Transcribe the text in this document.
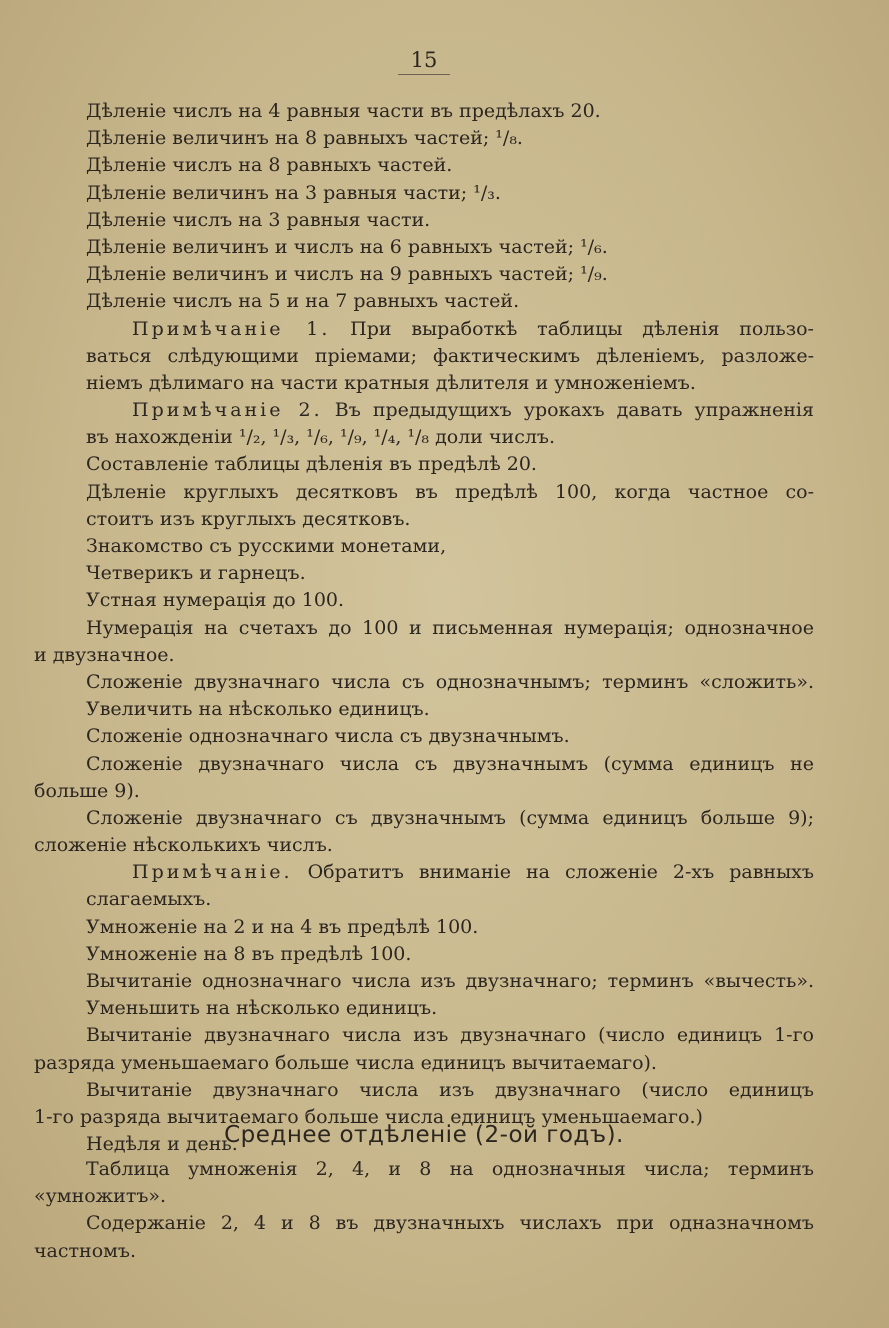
15
Дѣленіе числъ на 4 равныя части въ предѣлахъ 20.
Дѣленіе величинъ на 8 равныхъ частей; ¹/₈.
Дѣленіе числъ на 8 равныхъ частей.
Дѣленіе величинъ на 3 равныя части; ¹/₃.
Дѣленіе числъ на 3 равныя части.
Дѣленіе величинъ и числъ на 6 равныхъ частей; ¹/₆.
Дѣленіе величинъ и числъ на 9 равныхъ частей; ¹/₉.
Дѣленіе числъ на 5 и на 7 равныхъ частей.
Примѣчаніе 1. При выработкѣ таблицы дѣленія пользо-
ваться слѣдующими пріемами; фактическимъ дѣленіемъ, разложе-
ніемъ дѣлимаго на части кратныя дѣлителя и умноженіемъ.
Примѣчаніе 2. Въ предыдущихъ урокахъ давать упражненія
въ нахожденіи ¹/₂, ¹/₃, ¹/₆, ¹/₉, ¹/₄, ¹/₈ доли числъ.
Составленіе таблицы дѣленія въ предѣлѣ 20.
Дѣленіе круглыхъ десятковъ въ предѣлѣ 100, когда частное со-
стоитъ изъ круглыхъ десятковъ.
Знакомство съ русскими монетами,
Четверикъ и гарнецъ.
Устная нумерація до 100.
Нумерація на счетахъ до 100 и письменная нумерація; однозначное
и двузначное.
Сложеніе двузначнаго числа съ однозначнымъ; терминъ «сложить».
Увеличить на нѣсколько единицъ.
Сложеніе однозначнаго числа съ двузначнымъ.
Сложеніе двузначнаго числа съ двузначнымъ (сумма единицъ не
больше 9).
Сложеніе двузначнаго съ двузначнымъ (сумма единицъ больше 9);
сложеніе нѣсколькихъ числъ.
Примѣчаніе. Обратитъ вниманіе на сложеніе 2-хъ равныхъ
слагаемыхъ.
Умноженіе на 2 и на 4 въ предѣлѣ 100.
Умноженіе на 8 въ предѣлѣ 100.
Вычитаніе однозначнаго числа изъ двузначнаго; терминъ «вычесть».
Уменьшить на нѣсколько единицъ.
Вычитаніе двузначнаго числа изъ двузначнаго (число единицъ 1-го
разряда уменьшаемаго больше числа единицъ вычитаемаго).
Вычитаніе двузначнаго числа изъ двузначнаго (число единицъ
1-го разряда вычитаемаго больше числа единицъ уменьшаемаго.)
Недѣля и день.
Среднее отдѣленіе (2-ой годъ).
Таблица умноженія 2, 4, и 8 на однозначныя числа; терминъ
«умножитъ».
Содержаніе 2, 4 и 8 въ двузначныхъ числахъ при одназначномъ
частномъ.
